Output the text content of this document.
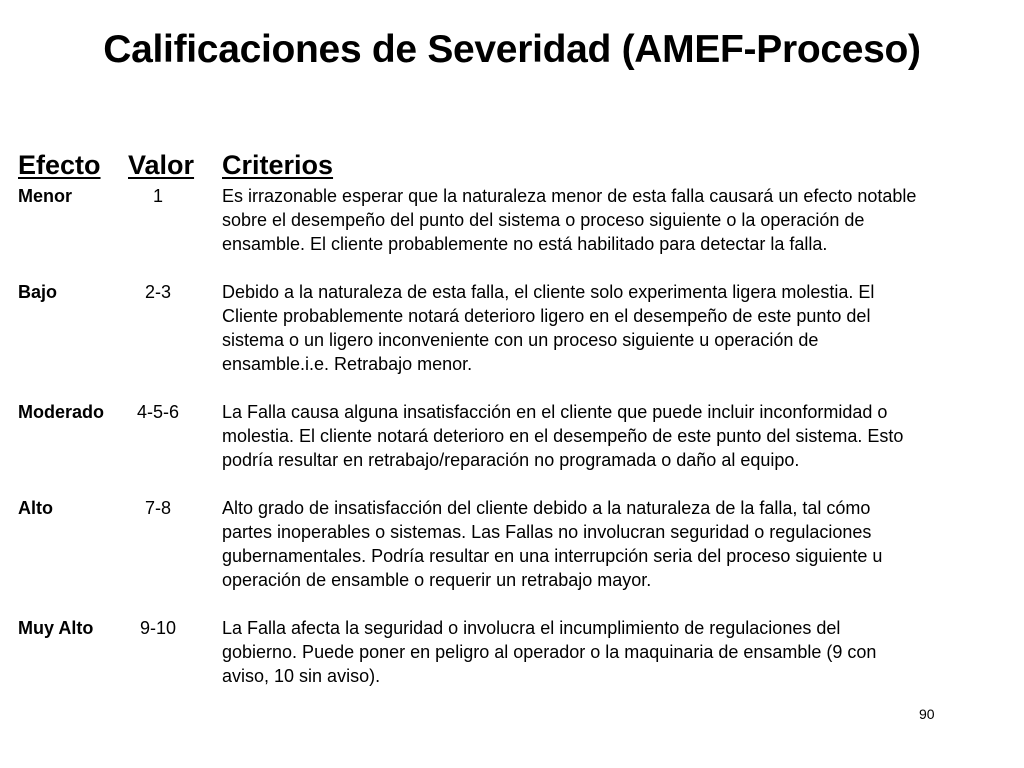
Calificaciones de Severidad (AMEF-Proceso)
Efecto Valor Criterios
Menor	1	Es irrazonable esperar que la naturaleza menor de esta falla causará un efecto notable
sobre el desempeño del punto del sistema o proceso siguiente o la operación de
ensamble. El cliente probablemente no está habilitado para detectar la falla.
Bajo	2-3	Debido a la naturaleza de esta falla, el cliente solo experimenta ligera molestia. El
Cliente probablemente notará deterioro ligero en el desempeño de este punto del
sistema o un ligero inconveniente con un proceso siguiente u operación de
ensamble.i.e. Retrabajo menor.
Moderado	4-5-6	La Falla causa alguna insatisfacción en el cliente que puede incluir inconformidad o
molestia. El cliente notará deterioro en el desempeño de este punto del sistema. Esto
podría resultar en retrabajo/reparación no programada o daño al equipo.
Alto	7-8	Alto grado de insatisfacción del cliente debido a la naturaleza de la falla, tal cómo
partes inoperables o sistemas. Las Fallas no involucran seguridad o regulaciones
gubernamentales. Podría resultar en una interrupción seria del proceso siguiente u
operación de ensamble o requerir un retrabajo mayor.
Muy Alto	9-10	La Falla afecta la seguridad o involucra el incumplimiento de regulaciones del
gobierno. Puede poner en peligro al operador o la maquinaria de ensamble (9 con
aviso, 10 sin aviso).
90
